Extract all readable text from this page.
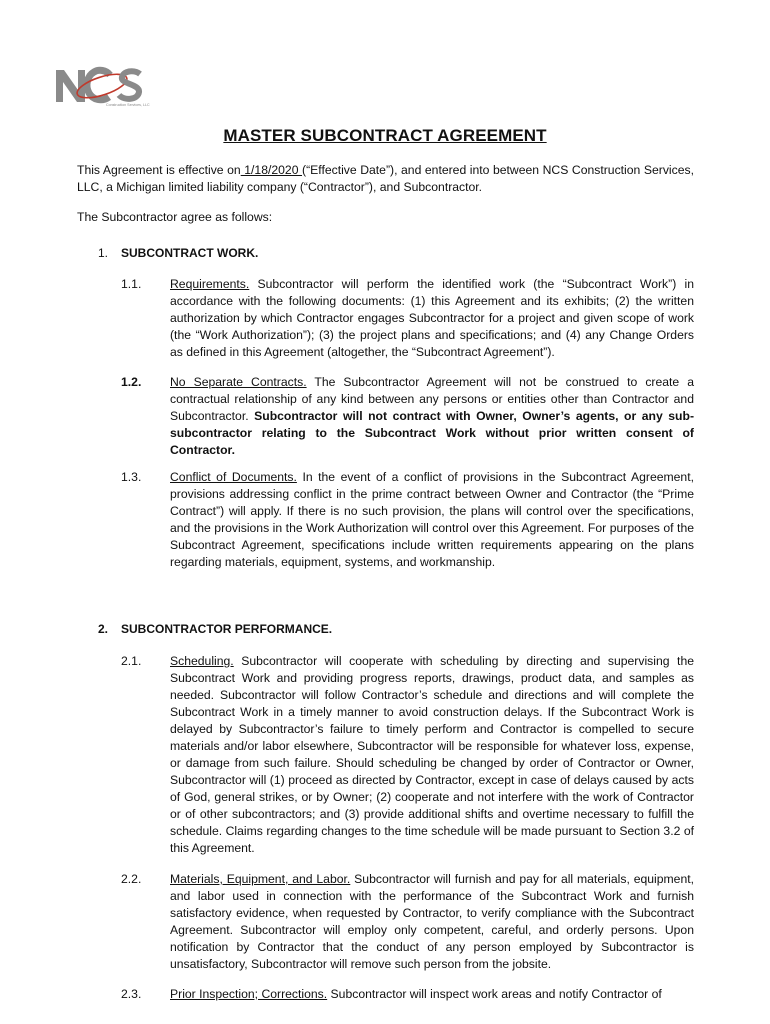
Construction Services, LLC
MASTER SUBCONTRACT AGREEMENT
This Agreement is effective on 1/18/2020 (“Effective Date”), and entered into between NCS Construction Services, LLC, a Michigan limited liability company (“Contractor”), and Subcontractor.
The Subcontractor agree as follows:
1. SUBCONTRACT WORK.
1.1.	Requirements. Subcontractor will perform the identified work (the “Subcontract Work”) in accordance with the following documents: (1) this Agreement and its exhibits; (2) the written authorization by which Contractor engages Subcontractor for a project and given scope of work (the “Work Authorization”); (3) the project plans and specifications; and (4) any Change Orders as defined in this Agreement (altogether, the “Subcontract Agreement”).
1.2.	No Separate Contracts. The Subcontractor Agreement will not be construed to create a contractual relationship of any kind between any persons or entities other than Contractor and Subcontractor. Subcontractor will not contract with Owner, Owner’s agents, or any sub-subcontractor relating to the Subcontract Work without prior written consent of Contractor.
1.3.	Conflict of Documents. In the event of a conflict of provisions in the Subcontract Agreement, provisions addressing conflict in the prime contract between Owner and Contractor (the “Prime Contract”) will apply. If there is no such provision, the plans will control over the specifications, and the provisions in the Work Authorization will control over this Agreement. For purposes of the Subcontract Agreement, specifications include written requirements appearing on the plans regarding materials, equipment, systems, and workmanship.
2. SUBCONTRACTOR PERFORMANCE.
2.1.	Scheduling. Subcontractor will cooperate with scheduling by directing and supervising the Subcontract Work and providing progress reports, drawings, product data, and samples as needed. Subcontractor will follow Contractor’s schedule and directions and will complete the Subcontract Work in a timely manner to avoid construction delays. If the Subcontract Work is delayed by Subcontractor’s failure to timely perform and Contractor is compelled to secure materials and/or labor elsewhere, Subcontractor will be responsible for whatever loss, expense, or damage from such failure. Should scheduling be changed by order of Contractor or Owner, Subcontractor will (1) proceed as directed by Contractor, except in case of delays caused by acts of God, general strikes, or by Owner; (2) cooperate and not interfere with the work of Contractor or of other subcontractors; and (3) provide additional shifts and overtime necessary to fulfill the schedule. Claims regarding changes to the time schedule will be made pursuant to Section 3.2 of this Agreement.
2.2.	Materials, Equipment, and Labor. Subcontractor will furnish and pay for all materials, equipment, and labor used in connection with the performance of the Subcontract Work and furnish satisfactory evidence, when requested by Contractor, to verify compliance with the Subcontract Agreement. Subcontractor will employ only competent, careful, and orderly persons. Upon notification by Contractor that the conduct of any person employed by Subcontractor is unsatisfactory, Subcontractor will remove such person from the jobsite.
2.3.	Prior Inspection; Corrections. Subcontractor will inspect work areas and notify Contractor of
